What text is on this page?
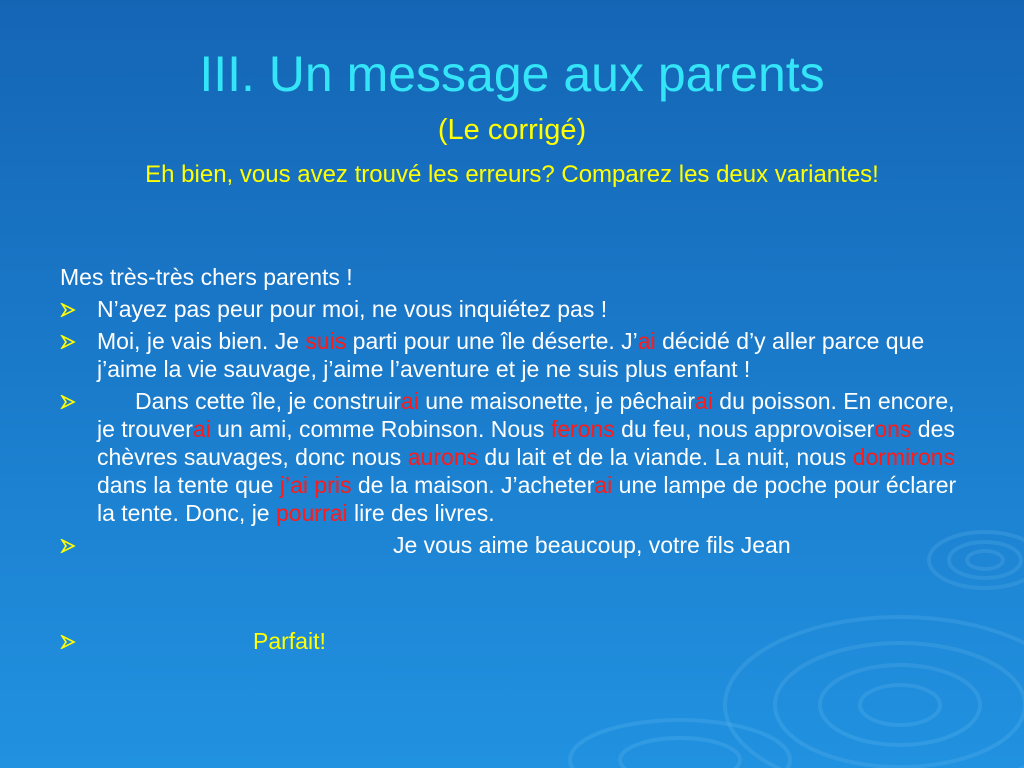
III. Un message aux parents
(Le corrigé)
Eh bien, vous avez trouvé les erreurs? Comparez les deux variantes!

Mes très-très chers parents !

N’ayez pas peur pour moi, ne vous inquiétez pas !
Moi, je vais bien. Je suis parti pour une île déserte. J’ai décidé d’y aller parce que j’aime la vie sauvage, j’aime l’aventure et je ne suis plus enfant !
Dans cette île, je construirai une maisonette, je pêchairai du poisson. En encore, je trouverai un ami, comme Robinson. Nous ferons du feu, nous approvoiserons des chèvres sauvages, donc nous aurons du lait et de la viande. La nuit, nous dormirons dans la tente que j’ai pris de la maison. J’acheterai une lampe de poche pour éclarer la tente. Donc, je pourrai lire des livres.
Je vous aime beaucoup, votre fils Jean
Parfait!
